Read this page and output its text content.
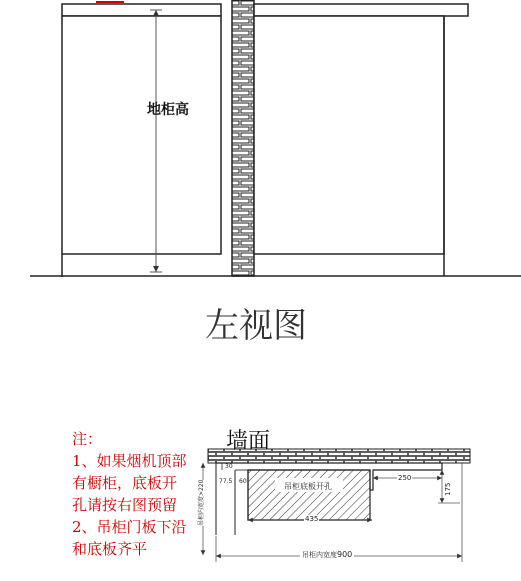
地柜高
左视图
墙面
注：
1、如果烟机顶部
有橱柜，底板开
孔请按右图预留
2、吊柜门板下沿
和底板齐平
吊柜底板开孔
30
77.5 60	250
175
435
吊柜内宽度900
吊柜内宽度>220
